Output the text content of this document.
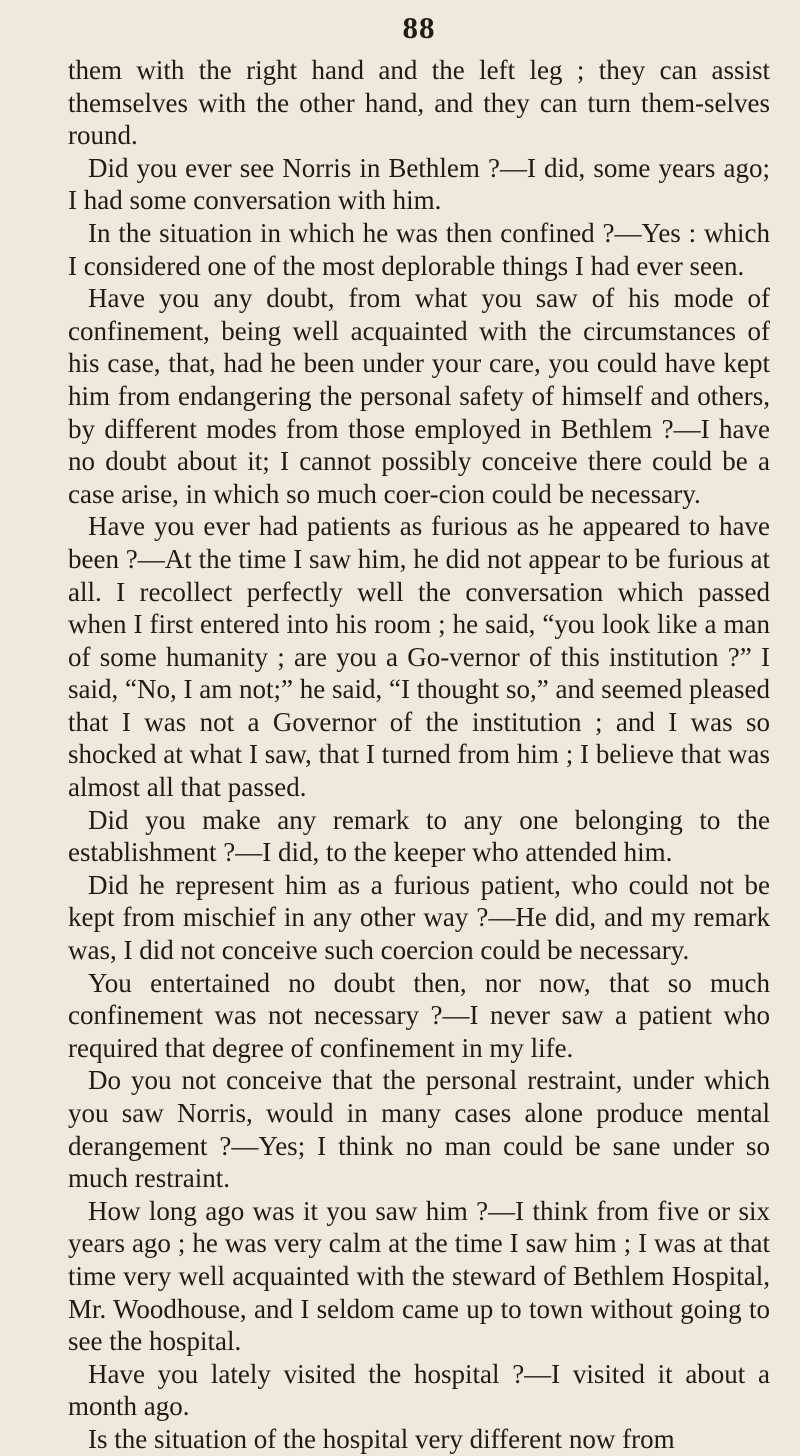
88

them with the right hand and the left leg ; they can assist themselves with the other hand, and they can turn them-selves round.

Did you ever see Norris in Bethlem ?—I did, some years ago; I had some conversation with him.

In the situation in which he was then confined ?—Yes : which I considered one of the most deplorable things I had ever seen.

Have you any doubt, from what you saw of his mode of confinement, being well acquainted with the circumstances of his case, that, had he been under your care, you could have kept him from endangering the personal safety of himself and others, by different modes from those employed in Bethlem ?—I have no doubt about it; I cannot possibly conceive there could be a case arise, in which so much coer-cion could be necessary.

Have you ever had patients as furious as he appeared to have been ?—At the time I saw him, he did not appear to be furious at all. I recollect perfectly well the conversation which passed when I first entered into his room ; he said, “you look like a man of some humanity ; are you a Go-vernor of this institution ?” I said, “No, I am not;” he said, “I thought so,” and seemed pleased that I was not a Governor of the institution ; and I was so shocked at what I saw, that I turned from him ; I believe that was almost all that passed.

Did you make any remark to any one belonging to the establishment ?—I did, to the keeper who attended him.

Did he represent him as a furious patient, who could not be kept from mischief in any other way ?—He did, and my remark was, I did not conceive such coercion could be necessary.

You entertained no doubt then, nor now, that so much confinement was not necessary ?—I never saw a patient who required that degree of confinement in my life.

Do you not conceive that the personal restraint, under which you saw Norris, would in many cases alone produce mental derangement ?—Yes; I think no man could be sane under so much restraint.

How long ago was it you saw him ?—I think from five or six years ago ; he was very calm at the time I saw him ; I was at that time very well acquainted with the steward of Bethlem Hospital, Mr. Woodhouse, and I seldom came up to town without going to see the hospital.

Have you lately visited the hospital ?—I visited it about a month ago.

Is the situation of the hospital very different now from
